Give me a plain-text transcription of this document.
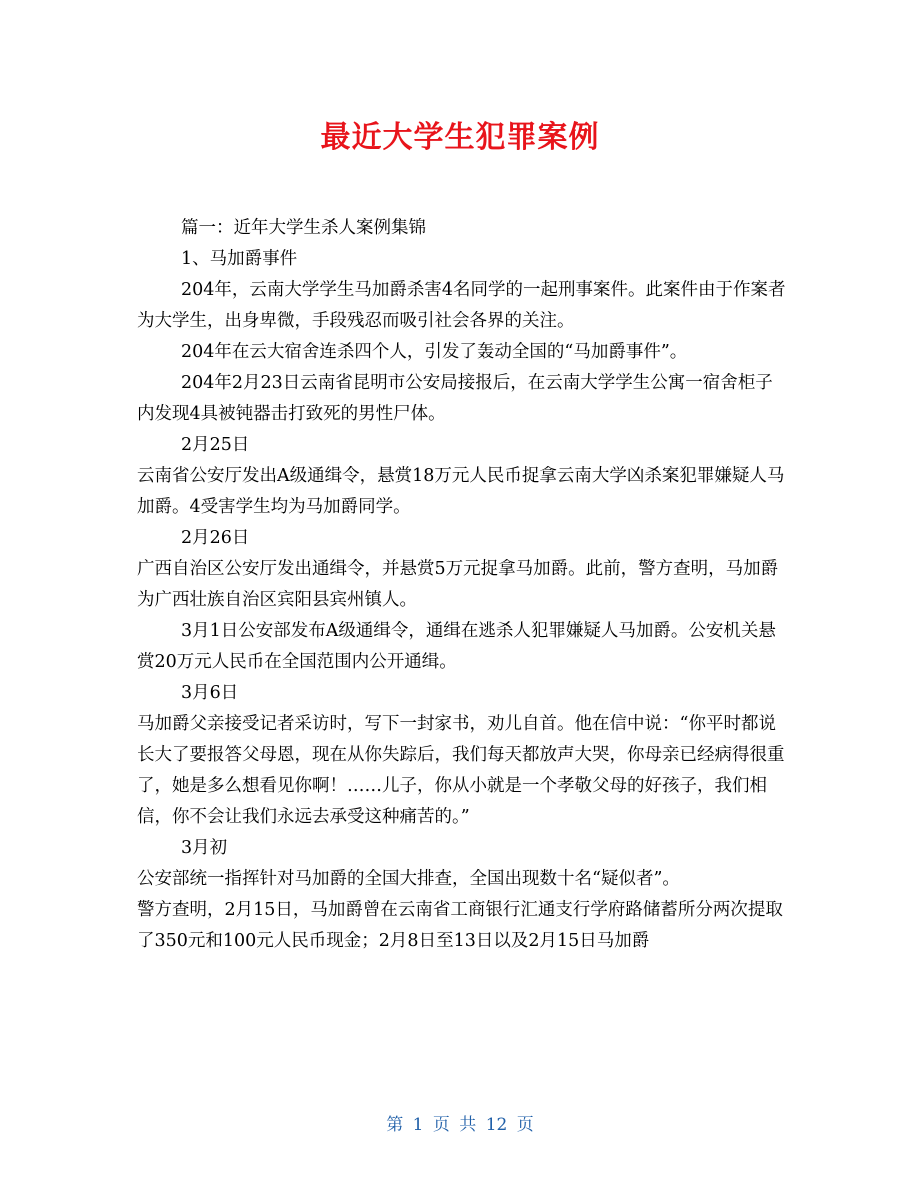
最近大学生犯罪案例

篇一：近年大学生杀人案例集锦

1、马加爵事件

204年，云南大学学生马加爵杀害4名同学的一起刑事案件。此案件由于作案者为大学生，出身卑微，手段残忍而吸引社会各界的关注。

204年在云大宿舍连杀四个人，引发了轰动全国的“马加爵事件”。

204年2月23日云南省昆明市公安局接报后，在云南大学学生公寓一宿舍柜子内发现4具被钝器击打致死的男性尸体。

2月25日

云南省公安厅发出A级通缉令，悬赏18万元人民币捉拿云南大学凶杀案犯罪嫌疑人马加爵。4受害学生均为马加爵同学。

2月26日

广西自治区公安厅发出通缉令，并悬赏5万元捉拿马加爵。此前，警方查明，马加爵为广西壮族自治区宾阳县宾州镇人。

3月1日公安部发布A级通缉令，通缉在逃杀人犯罪嫌疑人马加爵。公安机关悬赏20万元人民币在全国范围内公开通缉。

3月6日

马加爵父亲接受记者采访时，写下一封家书，劝儿自首。他在信中说：“你平时都说长大了要报答父母恩，现在从你失踪后，我们每天都放声大哭，你母亲已经病得很重了，她是多么想看见你啊！……儿子，你从小就是一个孝敬父母的好孩子，我们相信，你不会让我们永远去承受这种痛苦的。”

3月初

公安部统一指挥针对马加爵的全国大排查，全国出现数十名“疑似者”。

警方查明，2月15日，马加爵曾在云南省工商银行汇通支行学府路储蓄所分两次提取了350元和100元人民币现金；2月8日至13日以及2月15日马加爵

第 1 页 共 12 页
